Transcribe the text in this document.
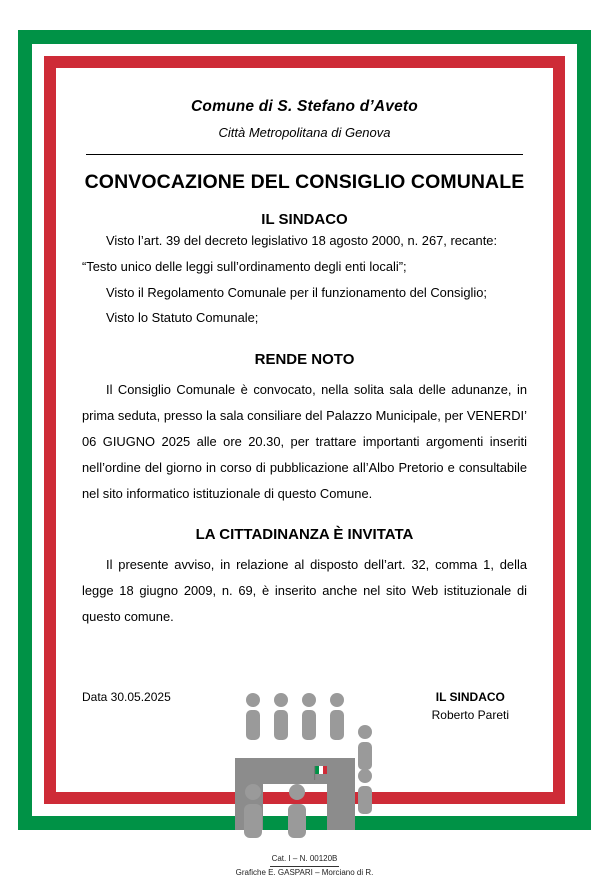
Comune di S. Stefano d’Aveto
Città Metropolitana di Genova
CONVOCAZIONE DEL CONSIGLIO COMUNALE
IL SINDACO

Visto l’art. 39 del decreto legislativo 18 agosto 2000, n. 267, recante:

“Testo unico delle leggi sull’ordinamento degli enti locali”;

Visto il Regolamento Comunale per il funzionamento del Consiglio;

Visto lo Statuto Comunale;

RENDE NOTO

Il Consiglio Comunale è convocato, nella solita sala delle adunanze, in prima seduta, presso la sala consiliare del Palazzo Municipale, per VENERDI’ 06 GIUGNO 2025 alle ore 20.30, per trattare importanti argomenti inseriti nell’ordine del giorno in corso di pubblicazione all’Albo Pretorio e consultabile nel sito informatico istituzionale di questo Comune.

LA CITTADINANZA È INVITATA

Il presente avviso, in relazione al disposto dell’art. 32, comma 1, della legge 18 giugno 2009, n. 69, è inserito anche nel sito Web istituzionale di questo comune.

Data 30.05.2025	IL SINDACO
Roberto Pareti
Cat. I – N. 00120B
Grafiche E. GASPARI – Morciano di R.
